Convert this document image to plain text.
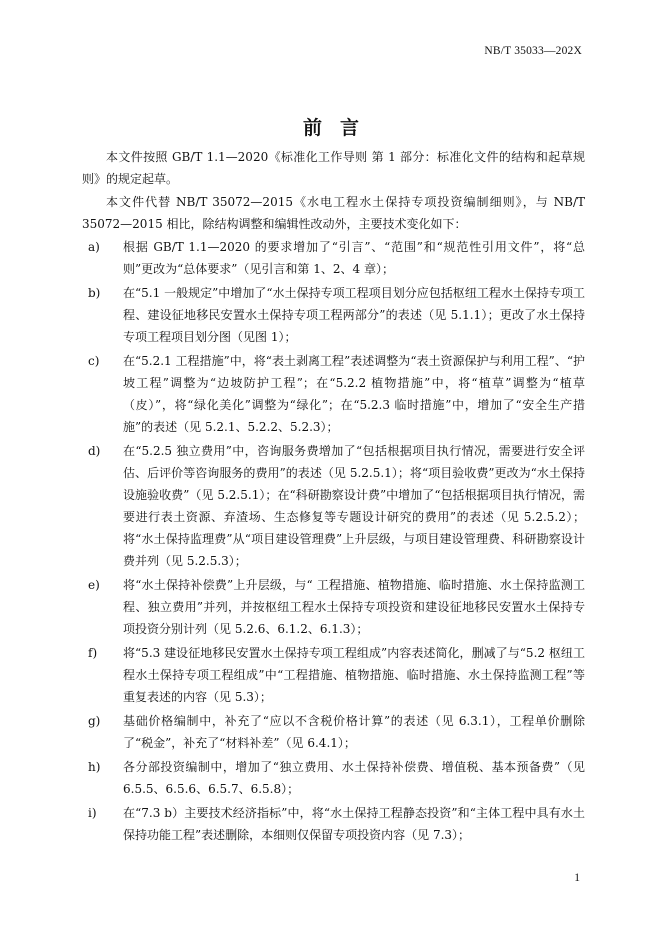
NB/T 35033—202X
前言

本文件按照 GB/T 1.1—2020《标准化工作导则 第 1 部分：标准化文件的结构和起草规则》的规定起草。

本文件代替 NB/T 35072—2015《水电工程水土保持专项投资编制细则》，与 NB/T 35072—2015 相比，除结构调整和编辑性改动外，主要技术变化如下：

a)	根据 GB/T 1.1—2020 的要求增加了“引言”、“范围”和“规范性引用文件”，将“总则”更改为“总体要求”（见引言和第 1、2、4 章）；
b)	在“5.1 一般规定”中增加了“水土保持专项工程项目划分应包括枢纽工程水土保持专项工程、建设征地移民安置水土保持专项工程两部分”的表述（见 5.1.1）；更改了水土保持专项工程项目划分图（见图 1）；
c)	在“5.2.1 工程措施”中，将“表土剥离工程”表述调整为“表土资源保护与利用工程”、“护坡工程”调整为“边坡防护工程”；在“5.2.2 植物措施”中，将“植草”调整为“植草（皮）”，将“绿化美化”调整为“绿化”；在“5.2.3 临时措施”中，增加了“安全生产措施”的表述（见 5.2.1、5.2.2、5.2.3）；
d)	在“5.2.5 独立费用”中，咨询服务费增加了“包括根据项目执行情况，需要进行安全评估、后评价等咨询服务的费用”的表述（见 5.2.5.1）；将“项目验收费”更改为“水土保持设施验收费”（见 5.2.5.1）；在“科研勘察设计费”中增加了“包括根据项目执行情况，需要进行表土资源、弃渣场、生态修复等专题设计研究的费用”的表述（见 5.2.5.2）；将“水土保持监理费”从“项目建设管理费”上升层级，与项目建设管理费、科研勘察设计费并列（见 5.2.5.3）；
e)	将“水土保持补偿费”上升层级，与“ 工程措施、植物措施、临时措施、水土保持监测工程、独立费用”并列，并按枢纽工程水土保持专项投资和建设征地移民安置水土保持专项投资分别计列（见 5.2.6、6.1.2、6.1.3）；
f)	将“5.3 建设征地移民安置水土保持专项工程组成”内容表述简化，删减了与“5.2 枢纽工程水土保持专项工程组成”中“工程措施、植物措施、临时措施、水土保持监测工程”等重复表述的内容（见 5.3）；
g)	基础价格编制中，补充了“应以不含税价格计算”的表述（见 6.3.1），工程单价删除了“税金”，补充了“材料补差”（见 6.4.1）；
h)	各分部投资编制中，增加了“独立费用、水土保持补偿费、增值税、基本预备费”（见 6.5.5、6.5.6、6.5.7、6.5.8）；
i)	在“7.3 b）主要技术经济指标”中，将“水土保持工程静态投资”和“主体工程中具有水土保持功能工程”表述删除，本细则仅保留专项投资内容（见 7.3）；
1
